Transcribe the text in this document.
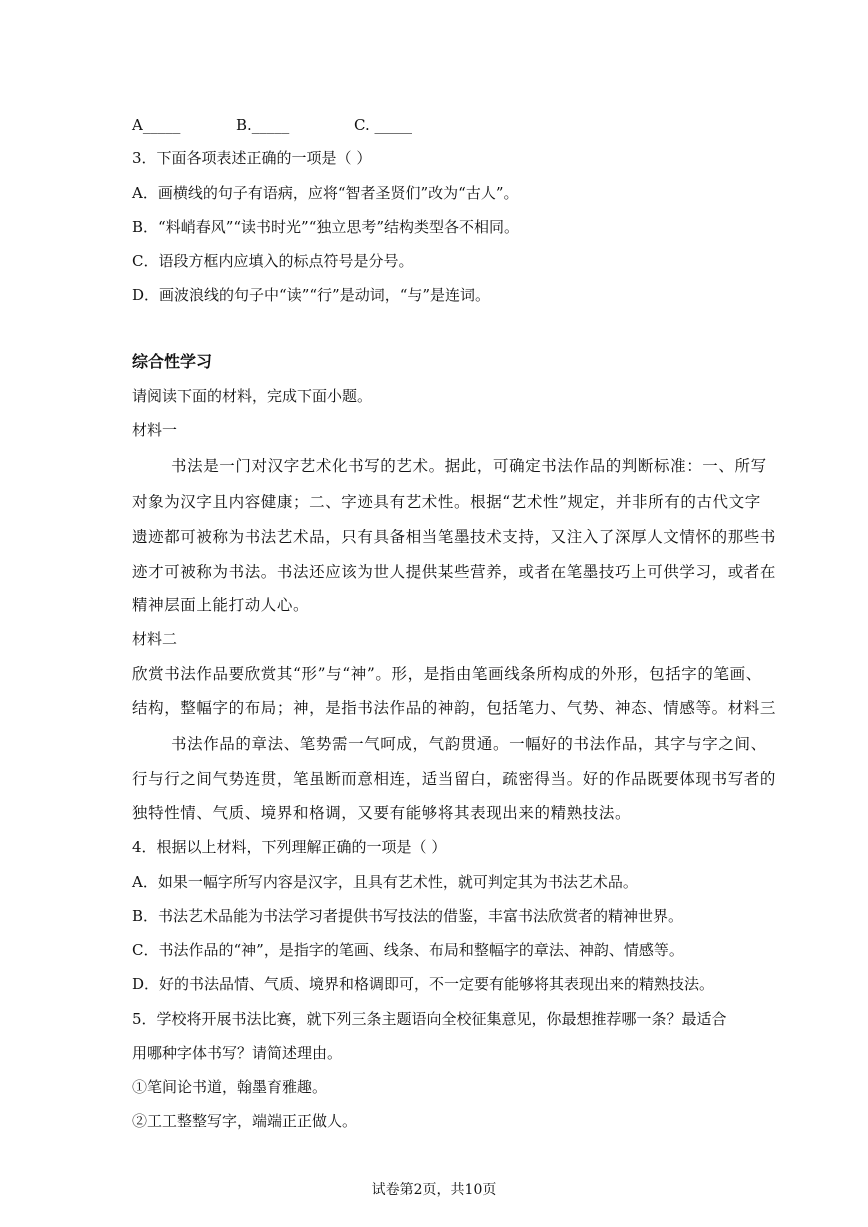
A_____	B._____	C. _____
3．下面各项表述正确的一项是（ ）
A．画横线的句子有语病，应将“智者圣贤们”改为“古人”。
B．“料峭春风”“读书时光”“独立思考”结构类型各不相同。
C．语段方框内应填入的标点符号是分号。
D．画波浪线的句子中“读”“行”是动词，“与”是连词。
综合性学习
请阅读下面的材料，完成下面小题。
材料一
书法是一门对汉字艺术化书写的艺术。据此，可确定书法作品的判断标准：一、所写
对象为汉字且内容健康；二、字迹具有艺术性。根据“艺术性”规定，并非所有的古代文字
遗迹都可被称为书法艺术品，只有具备相当笔墨技术支持，又注入了深厚人文情怀的那些书
迹才可被称为书法。书法还应该为世人提供某些营养，或者在笔墨技巧上可供学习，或者在
精神层面上能打动人心。
材料二
欣赏书法作品要欣赏其“形”与“神”。形，是指由笔画线条所构成的外形，包括字的笔画、
结构，整幅字的布局；神，是指书法作品的神韵，包括笔力、气势、神态、情感等。材料三
书法作品的章法、笔势需一气呵成，气韵贯通。一幅好的书法作品，其字与字之间、
行与行之间气势连贯，笔虽断而意相连，适当留白，疏密得当。好的作品既要体现书写者的
独特性情、气质、境界和格调，又要有能够将其表现出来的精熟技法。
4．根据以上材料，下列理解正确的一项是（ ）
A．如果一幅字所写内容是汉字，且具有艺术性，就可判定其为书法艺术品。
B．书法艺术品能为书法学习者提供书写技法的借鉴，丰富书法欣赏者的精神世界。
C．书法作品的“神”，是指字的笔画、线条、布局和整幅字的章法、神韵、情感等。
D．好的书法品情、气质、境界和格调即可，不一定要有能够将其表现出来的精熟技法。
5．学校将开展书法比赛，就下列三条主题语向全校征集意见，你最想推荐哪一条？最适合
用哪种字体书写？请简述理由。
①笔间论书道，翰墨育雅趣。
②工工整整写字，端端正正做人。
试卷第2页，共10页
